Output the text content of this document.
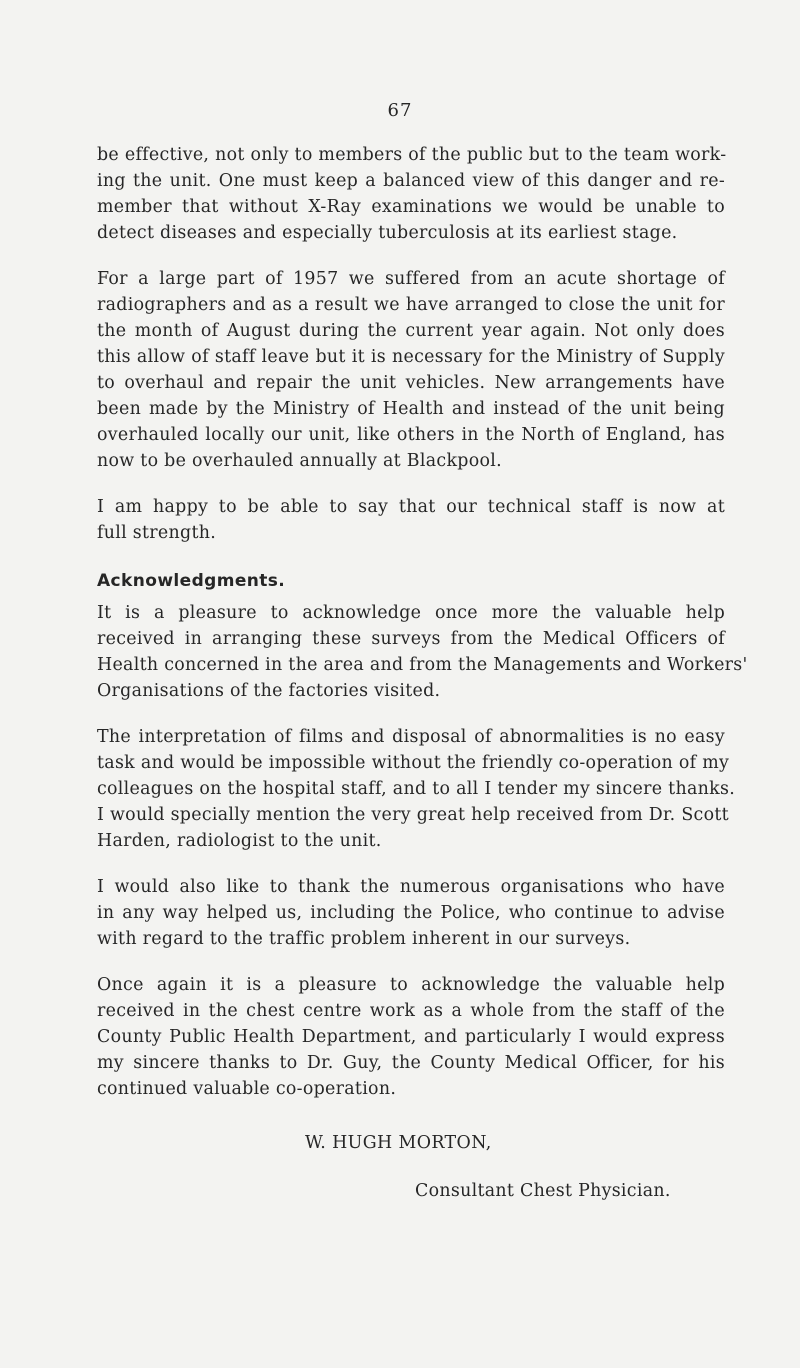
67

be effective, not only to members of the public but to the team work-
ing the unit. One must keep a balanced view of this danger and re-
member that without X-Ray examinations we would be unable to
detect diseases and especially tuberculosis at its earliest stage.

For a large part of 1957 we suffered from an acute shortage of
radiographers and as a result we have arranged to close the unit for
the month of August during the current year again. Not only does
this allow of staff leave but it is necessary for the Ministry of Supply
to overhaul and repair the unit vehicles. New arrangements have
been made by the Ministry of Health and instead of the unit being
overhauled locally our unit, like others in the North of England, has
now to be overhauled annually at Blackpool.

I am happy to be able to say that our technical staff is now at
full strength.

Acknowledgments.

It is a pleasure to acknowledge once more the valuable help
received in arranging these surveys from the Medical Officers of
Health concerned in the area and from the Managements and Workers'
Organisations of the factories visited.

The interpretation of films and disposal of abnormalities is no easy
task and would be impossible without the friendly co-operation of my
colleagues on the hospital staff, and to all I tender my sincere thanks.
I would specially mention the very great help received from Dr. Scott
Harden, radiologist to the unit.

I would also like to thank the numerous organisations who have
in any way helped us, including the Police, who continue to advise
with regard to the traffic problem inherent in our surveys.

Once again it is a pleasure to acknowledge the valuable help
received in the chest centre work as a whole from the staff of the
County Public Health Department, and particularly I would express
my sincere thanks to Dr. Guy, the County Medical Officer, for his
continued valuable co-operation.

W. HUGH MORTON,
Consultant Chest Physician.
